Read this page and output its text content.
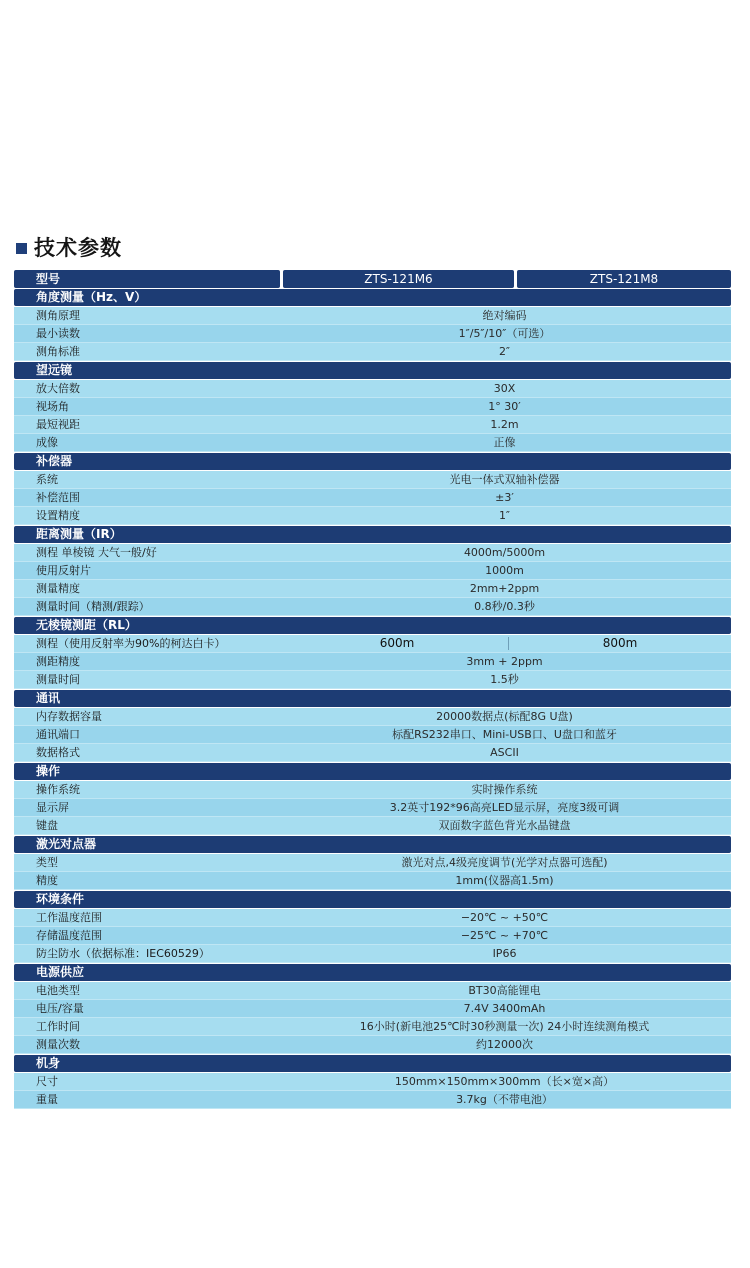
技术参数
型号	ZTS-121M6	ZTS-121M8
角度测量（Hz、V）
测角原理	绝对编码
最小读数	1″/5″/10″（可选）
测角标准	2″
望远镜
放大倍数	30X
视场角	1° 30′
最短视距	1.2m
成像	正像
补偿器
系统	光电一体式双轴补偿器
补偿范围	±3′
设置精度	1″
距离测量（IR）
测程 单棱镜 大气一般/好	4000m/5000m
使用反射片	1000m
测量精度	2mm+2ppm
测量时间（精测/跟踪）	0.8秒/0.3秒
无棱镜测距（RL）
测程（使用反射率为90%的柯达白卡）	600m	800m
测距精度	3mm + 2ppm
测量时间	1.5秒
通讯
内存数据容量	20000数据点(标配8G U盘)
通讯端口	标配RS232串口、Mini-USB口、U盘口和蓝牙
数据格式	ASCII
操作
操作系统	实时操作系统
显示屏	3.2英寸192*96高亮LED显示屏，亮度3级可调
键盘	双面数字蓝色背光水晶键盘
激光对点器
类型	激光对点,4级亮度调节(光学对点器可选配)
精度	1mm(仪器高1.5m)
环境条件
工作温度范围	−20℃ ~ +50℃
存储温度范围	−25℃ ~ +70℃
防尘防水（依据标准：IEC60529）	IP66
电源供应
电池类型	BT30高能锂电
电压/容量	7.4V 3400mAh
工作时间	16小时(新电池25℃时30秒测量一次) 24小时连续测角模式
测量次数	约12000次
机身
尺寸	150mm×150mm×300mm（长×宽×高）
重量	3.7kg（不带电池）
